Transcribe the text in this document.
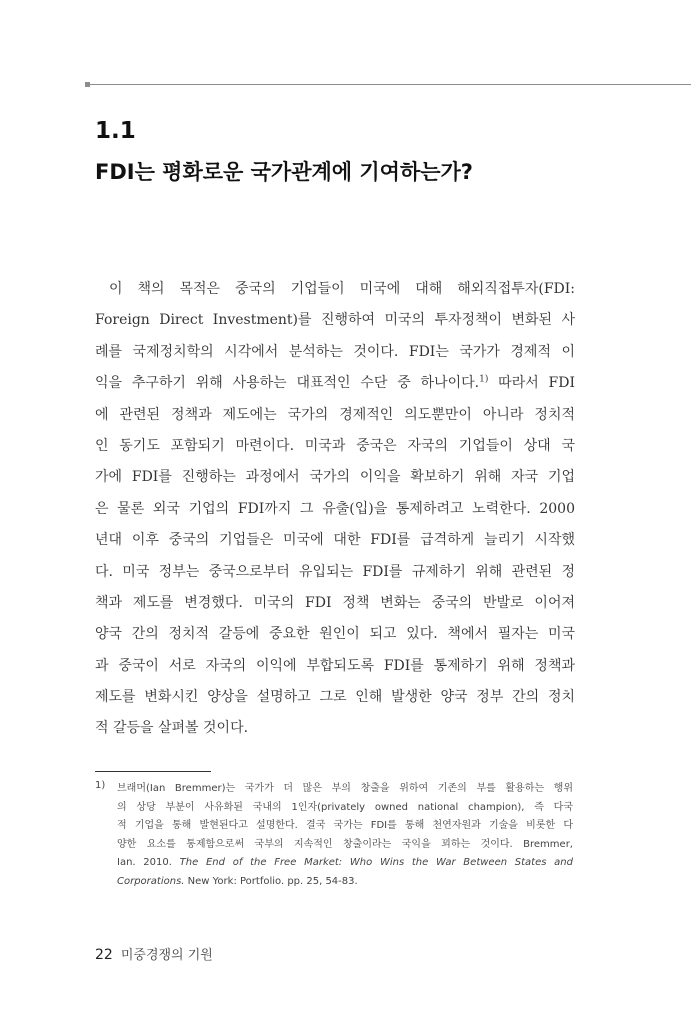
1.1
FDI는 평화로운 국가관계에 기여하는가?
이 책의 목적은 중국의 기업들이 미국에 대해 해외직접투자(FDI:
Foreign Direct Investment)를 진행하여 미국의 투자정책이 변화된 사
례를 국제정치학의 시각에서 분석하는 것이다. FDI는 국가가 경제적 이
익을 추구하기 위해 사용하는 대표적인 수단 중 하나이다.$^{1)}$ 따라서 FDI
에 관련된 정책과 제도에는 국가의 경제적인 의도뿐만이 아니라 정치적
인 동기도 포함되기 마련이다. 미국과 중국은 자국의 기업들이 상대 국
가에 FDI를 진행하는 과정에서 국가의 이익을 확보하기 위해 자국 기업
은 물론 외국 기업의 FDI까지 그 유출(입)을 통제하려고 노력한다. 2000
년대 이후 중국의 기업들은 미국에 대한 FDI를 급격하게 늘리기 시작했
다. 미국 정부는 중국으로부터 유입되는 FDI를 규제하기 위해 관련된 정
책과 제도를 변경했다. 미국의 FDI 정책 변화는 중국의 반발로 이어져
양국 간의 정치적 갈등에 중요한 원인이 되고 있다. 책에서 필자는 미국
과 중국이 서로 자국의 이익에 부합되도록 FDI를 통제하기 위해 정책과
제도를 변화시킨 양상을 설명하고 그로 인해 발생한 양국 정부 간의 정치
적 갈등을 살펴볼 것이다.
1) 브래머(Ian Bremmer)는 국가가 더 많은 부의 창출을 위하여 기존의 부를 활용하는 행위
의 상당 부분이 사유화된 국내의 1인자(privately owned national champion), 즉 다국
적 기업을 통해 발현된다고 설명한다. 결국 국가는 FDI를 통해 천연자원과 기술을 비롯한 다
양한 요소를 통제함으로써 국부의 지속적인 창출이라는 국익을 꾀하는 것이다. Bremmer,
Ian. 2010. The End of the Free Market: Who Wins the War Between States and
Corporations. New York: Portfolio. pp. 25, 54-83.

22 미중경쟁의 기원
